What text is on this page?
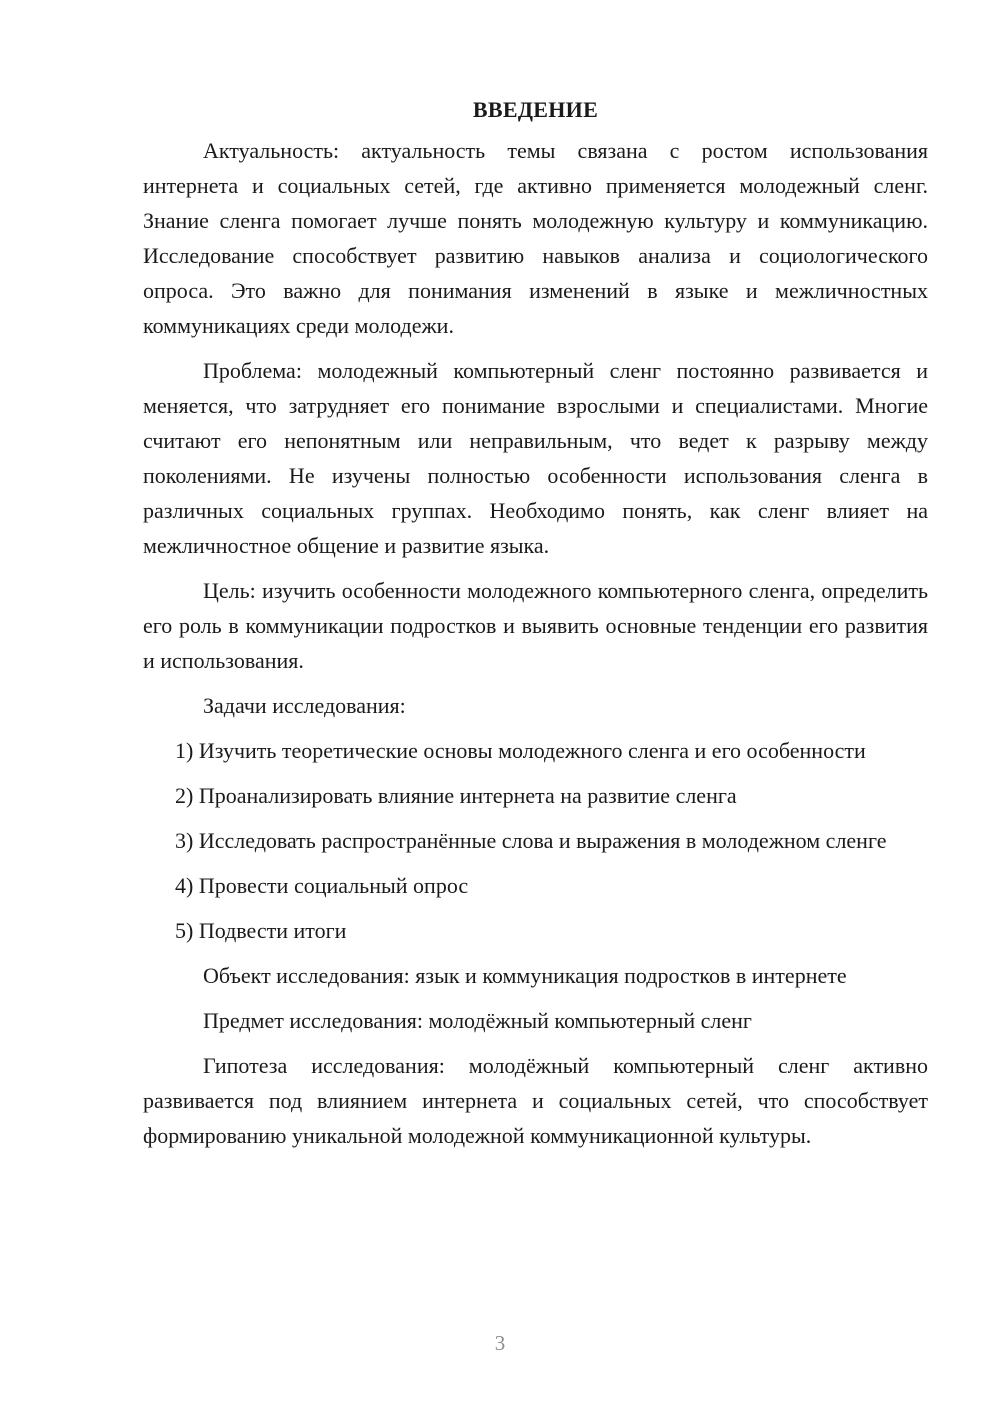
ВВЕДЕНИЕ

Актуальность: актуальность темы связана с ростом использования интернета и социальных сетей, где активно применяется молодежный сленг. Знание сленга помогает лучше понять молодежную культуру и коммуникацию. Исследование способствует развитию навыков анализа и социологического опроса. Это важно для понимания изменений в языке и межличностных коммуникациях среди молодежи.

Проблема: молодежный компьютерный сленг постоянно развивается и меняется, что затрудняет его понимание взрослыми и специалистами. Многие считают его непонятным или неправильным, что ведет к разрыву между поколениями. Не изучены полностью особенности использования сленга в различных социальных группах. Необходимо понять, как сленг влияет на межличностное общение и развитие языка.

Цель: изучить особенности молодежного компьютерного сленга, определить его роль в коммуникации подростков и выявить основные тенденции его развития и использования.

Задачи исследования:

1) Изучить теоретические основы молодежного сленга и его особенности

2) Проанализировать влияние интернета на развитие сленга

3) Исследовать распространённые слова и выражения в молодежном сленге

4) Провести социальный опрос

5) Подвести итоги

Объект исследования: язык и коммуникация подростков в интернете

Предмет исследования: молодёжный компьютерный сленг

Гипотеза исследования: молодёжный компьютерный сленг активно развивается под влиянием интернета и социальных сетей, что способствует формированию уникальной молодежной коммуникационной культуры.

3
